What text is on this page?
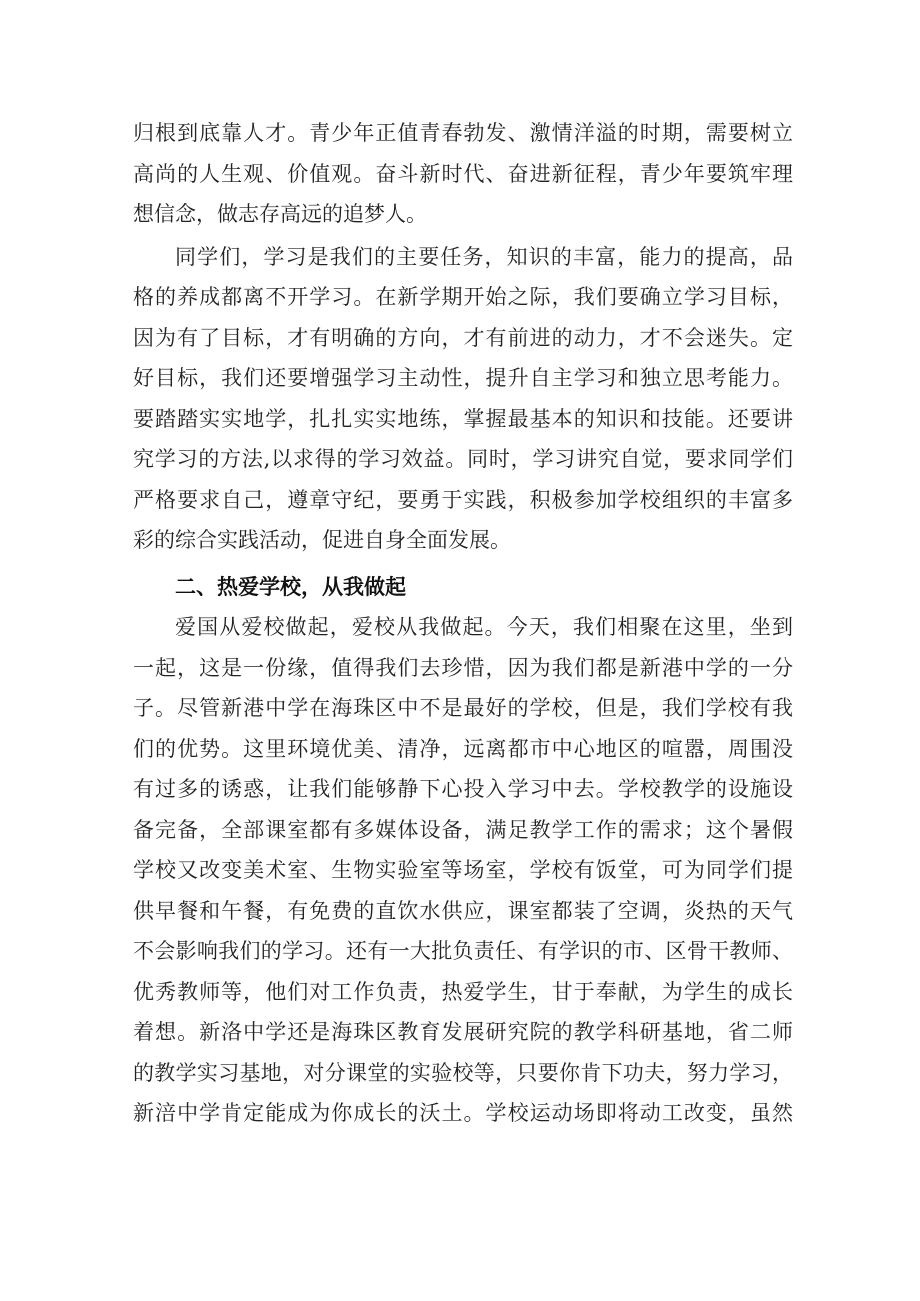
归根到底靠人才。青少年正值青春勃发、激情洋溢的时期，需要树立
高尚的人生观、价值观。奋斗新时代、奋进新征程，青少年要筑牢理
想信念，做志存高远的追梦人。
同学们，学习是我们的主要任务，知识的丰富，能力的提高，品
格的养成都离不开学习。在新学期开始之际，我们要确立学习目标，
因为有了目标，才有明确的方向，才有前进的动力，才不会迷失。定
好目标，我们还要增强学习主动性，提升自主学习和独立思考能力。
要踏踏实实地学，扎扎实实地练，掌握最基本的知识和技能。还要讲
究学习的方法,以求得的学习效益。同时，学习讲究自觉，要求同学们
严格要求自己，遵章守纪，要勇于实践，积极参加学校组织的丰富多
彩的综合实践活动，促进自身全面发展。
二、热爱学校，从我做起
爱国从爱校做起，爱校从我做起。今天，我们相聚在这里，坐到
一起，这是一份缘，值得我们去珍惜，因为我们都是新港中学的一分
子。尽管新港中学在海珠区中不是最好的学校，但是，我们学校有我
们的优势。这里环境优美、清净，远离都市中心地区的喧嚣，周围没
有过多的诱惑，让我们能够静下心投入学习中去。学校教学的设施设
备完备，全部课室都有多媒体设备，满足教学工作的需求；这个暑假
学校又改变美术室、生物实验室等场室，学校有饭堂，可为同学们提
供早餐和午餐，有免费的直饮水供应，课室都装了空调，炎热的天气
不会影响我们的学习。还有一大批负责任、有学识的市、区骨干教师、
优秀教师等，他们对工作负责，热爱学生，甘于奉献，为学生的成长
着想。新洛中学还是海珠区教育发展研究院的教学科研基地，省二师
的教学实习基地，对分课堂的实验校等，只要你肯下功夫，努力学习，
新涪中学肯定能成为你成长的沃土。学校运动场即将动工改变，虽然
